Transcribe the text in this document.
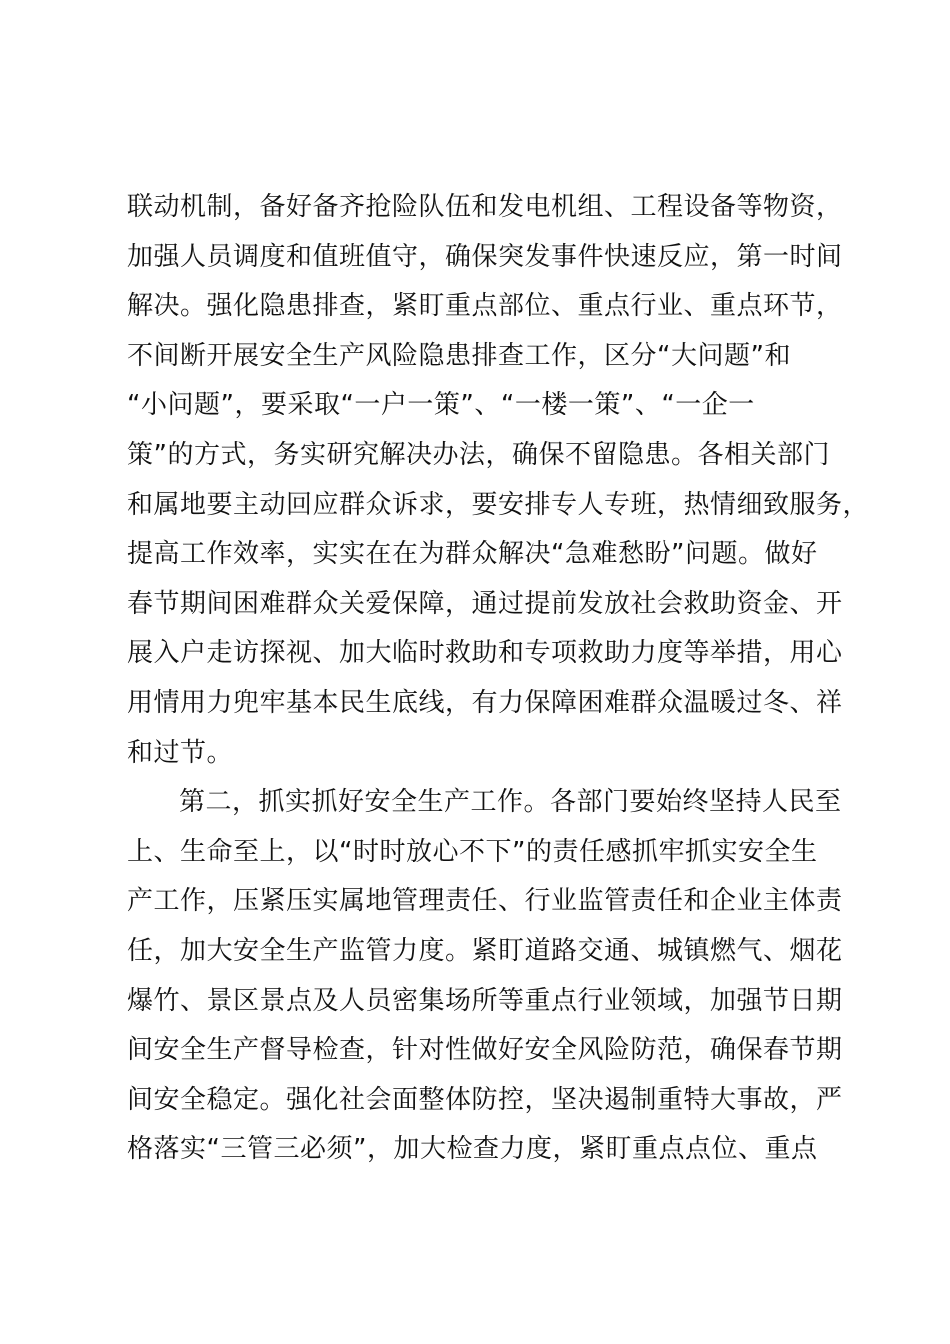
联动机制，备好备齐抢险队伍和发电机组、工程设备等物资，
加强人员调度和值班值守，确保突发事件快速反应，第一时间
解决。强化隐患排查，紧盯重点部位、重点行业、重点环节，
不间断开展安全生产风险隐患排查工作，区分“大问题”和
“小问题”，要采取“一户一策”、“一楼一策”、“一企一
策”的方式，务实研究解决办法，确保不留隐患。各相关部门
和属地要主动回应群众诉求，要安排专人专班，热情细致服务，
提高工作效率，实实在在为群众解决“急难愁盼”问题。做好
春节期间困难群众关爱保障，通过提前发放社会救助资金、开
展入户走访探视、加大临时救助和专项救助力度等举措，用心
用情用力兜牢基本民生底线，有力保障困难群众温暖过冬、祥
和过节。
第二，抓实抓好安全生产工作。各部门要始终坚持人民至
上、生命至上，以“时时放心不下”的责任感抓牢抓实安全生
产工作，压紧压实属地管理责任、行业监管责任和企业主体责
任，加大安全生产监管力度。紧盯道路交通、城镇燃气、烟花
爆竹、景区景点及人员密集场所等重点行业领域，加强节日期
间安全生产督导检查，针对性做好安全风险防范，确保春节期
间安全稳定。强化社会面整体防控，坚决遏制重特大事故，严
格落实“三管三必须”，加大检查力度，紧盯重点点位、重点
